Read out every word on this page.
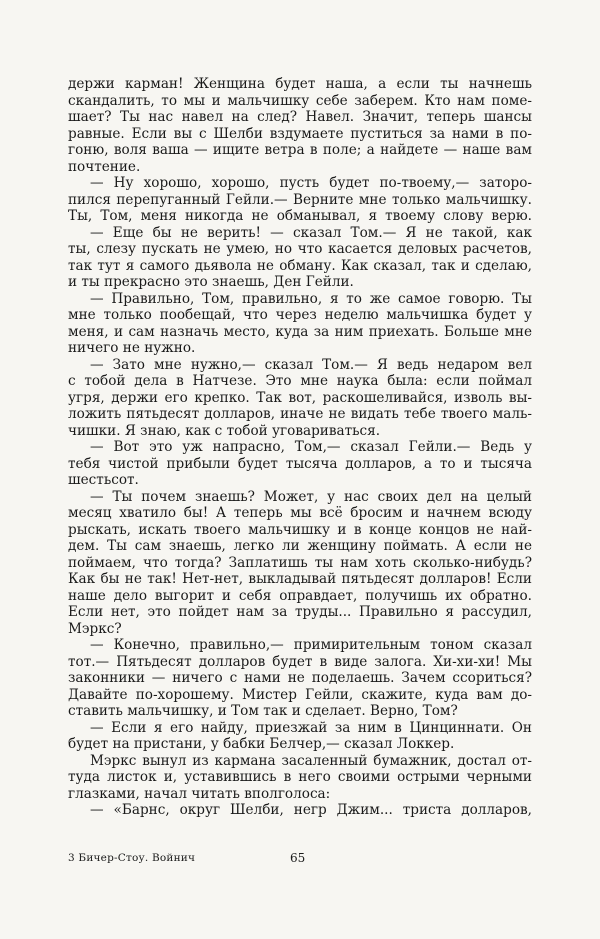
держи карман! Женщина будет наша, а если ты начнешь
скандалить, то мы и мальчишку себе заберем. Кто нам поме-
шает? Ты нас навел на след? Навел. Значит, теперь шансы
равные. Если вы с Шелби вздумаете пуститься за нами в по-
гоню, воля ваша — ищите ветра в поле; а найдете — наше вам
почтение.
— Ну хорошо, хорошо, пусть будет по-твоему,— заторо-
пился перепуганный Гейли.— Верните мне только мальчишку.
Ты, Том, меня никогда не обманывал, я твоему слову верю.
— Еще бы не верить! — сказал Том.— Я не такой, как
ты, слезу пускать не умею, но что касается деловых расчетов,
так тут я самого дьявола не обману. Как сказал, так и сделаю,
и ты прекрасно это знаешь, Ден Гейли.
— Правильно, Том, правильно, я то же самое говорю. Ты
мне только пообещай, что через неделю мальчишка будет у
меня, и сам назначь место, куда за ним приехать. Больше мне
ничего не нужно.
— Зато мне нужно,— сказал Том.— Я ведь недаром вел
с тобой дела в Натчезе. Это мне наука была: если поймал
угря, держи его крепко. Так вот, раскошеливайся, изволь вы-
ложить пятьдесят долларов, иначе не видать тебе твоего маль-
чишки. Я знаю, как с тобой уговариваться.
— Вот это уж напрасно, Том,— сказал Гейли.— Ведь у
тебя чистой прибыли будет тысяча долларов, а то и тысяча
шестьсот.
— Ты почем знаешь? Может, у нас своих дел на целый
месяц хватило бы! А теперь мы всё бросим и начнем всюду
рыскать, искать твоего мальчишку и в конце концов не най-
дем. Ты сам знаешь, легко ли женщину поймать. А если не
поймаем, что тогда? Заплатишь ты нам хоть сколько-нибудь?
Как бы не так! Нет-нет, выкладывай пятьдесят долларов! Если
наше дело выгорит и себя оправдает, получишь их обратно.
Если нет, это пойдет нам за труды... Правильно я рассудил,
Мэркс?
— Конечно, правильно,— примирительным тоном сказал
тот.— Пятьдесят долларов будет в виде залога. Хи-хи-хи! Мы
законники — ничего с нами не поделаешь. Зачем ссориться?
Давайте по-хорошему. Мистер Гейли, скажите, куда вам до-
ставить мальчишку, и Том так и сделает. Верно, Том?
— Если я его найду, приезжай за ним в Цинциннати. Он
будет на пристани, у бабки Белчер,— сказал Локкер.
Мэркс вынул из кармана засаленный бумажник, достал от-
туда листок и, уставившись в него своими острыми черными
глазками, начал читать вполголоса:
— «Барнс, округ Шелби, негр Джим... триста долларов,
3 Бичер-Стоу. Войнич	65
